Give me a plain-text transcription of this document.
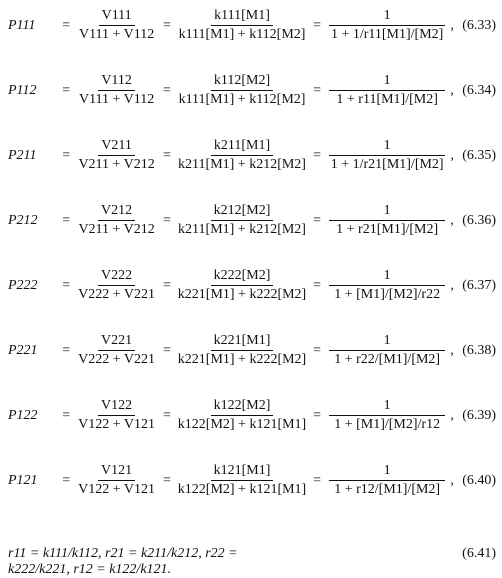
P111	= $\frac{V111}{V111 + V112} = \frac{k111[M1]}{k111[M1] + k112[M2]} = \frac{1}{1 + 1/r11[M1]/[M2]}$ , (6.33)
P112	= $\frac{V112}{V111 + V112} = \frac{k112[M2]}{k111[M1] + k112[M2]} = \frac{1}{1 + r11[M1]/[M2]}$ , (6.34)
P211	= $\frac{V211}{V211 + V212} = \frac{k211[M1]}{k211[M1] + k212[M2]} = \frac{1}{1 + 1/r21[M1]/[M2]}$ , (6.35)
P212	= $\frac{V212}{V211 + V212} = \frac{k212[M2]}{k211[M1] + k212[M2]} = \frac{1}{1 + r21[M1]/[M2]}$ , (6.36)
P222	= $\frac{V222}{V222 + V221} = \frac{k222[M2]}{k221[M1] + k222[M2]} = \frac{1}{1 + [M1]/[M2]/r22}$ , (6.37)
P221	= $\frac{V221}{V222 + V221} = \frac{k221[M1]}{k221[M1] + k222[M2]} = \frac{1}{1 + r22/[M1]/[M2]}$ , (6.38)
P122	= $\frac{V122}{V122 + V121} = \frac{k122[M2]}{k122[M2] + k121[M1]} = \frac{1}{1 + [M1]/[M2]/r12}$ , (6.39)
P121	= $\frac{V121}{V122 + V121} = \frac{k121[M1]}{k122[M2] + k121[M1]} = \frac{1}{1 + r12/[M1]/[M2]}$ , (6.40)
r11 = k111/k112, r21 = k211/k212, r22 = k222/k221, r12 = k122/k121.
(6.41)
